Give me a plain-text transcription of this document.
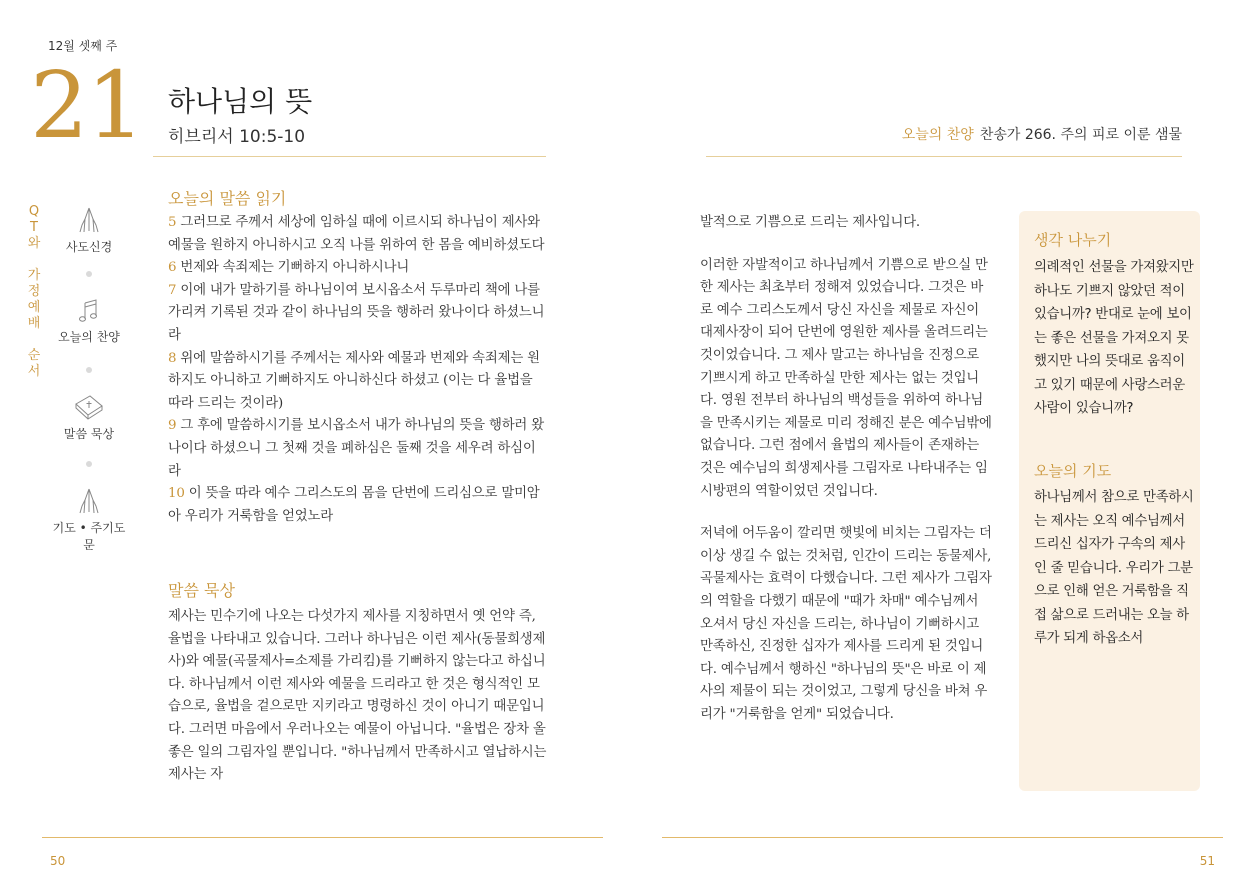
12월 셋째 주
21 하나님의 뜻
히브리서 10:5-10	오늘의 찬양 찬송가 266. 주의 피로 이룬 샘물
Q
T
와
가
정
예
배
순
서
사도신경
오늘의 찬양
말씀 묵상
기도 • 주기도문
오늘의 말씀 읽기
5 그러므로 주께서 세상에 임하실 때에 이르시되 하나님이 제사와 예물을 원하지 아니하시고 오직 나를 위하여 한 몸을 예비하셨도다
6 번제와 속죄제는 기뻐하지 아니하시나니
7 이에 내가 말하기를 하나님이여 보시옵소서 두루마리 책에 나를 가리켜 기록된 것과 같이 하나님의 뜻을 행하러 왔나이다 하셨느니라
8 위에 말씀하시기를 주께서는 제사와 예물과 번제와 속죄제는 원하지도 아니하고 기뻐하지도 아니하신다 하셨고 (이는 다 율법을 따라 드리는 것이라)
9 그 후에 말씀하시기를 보시옵소서 내가 하나님의 뜻을 행하러 왔나이다 하셨으니 그 첫째 것을 폐하심은 둘째 것을 세우려 하심이라
10 이 뜻을 따라 예수 그리스도의 몸을 단번에 드리심으로 말미암아 우리가 거룩함을 얻었노라
말씀 묵상
제사는 민수기에 나오는 다섯가지 제사를 지칭하면서 옛 언약 즉, 율법을 나타내고 있습니다. 그러나 하나님은 이런 제사(동물희생제사)와 예물(곡물제사=소제를 가리킴)를 기뻐하지 않는다고 하십니다. 하나님께서 이런 제사와 예물을 드리라고 한 것은 형식적인 모습으로, 율법을 겉으로만 지키라고 명령하신 것이 아니기 때문입니다. 그러면 마음에서 우러나오는 예물이 아닙니다. "율법은 장차 올 좋은 일의 그림자일 뿐입니다. "하나님께서 만족하시고 열납하시는 제사는 자

발적으로 기쁨으로 드리는 제사입니다.

이러한 자발적이고 하나님께서 기쁨으로 받으실 만한 제사는 최초부터 정해져 있었습니다. 그것은 바로 예수 그리스도께서 당신 자신을 제물로 자신이 대제사장이 되어 단번에 영원한 제사를 올려드리는 것이었습니다. 그 제사 말고는 하나님을 진정으로 기쁘시게 하고 만족하실 만한 제사는 없는 것입니다. 영원 전부터 하나님의 백성들을 위하여 하나님을 만족시키는 제물로 미리 정해진 분은 예수님밖에 없습니다. 그런 점에서 율법의 제사들이 존재하는 것은 예수님의 희생제사를 그림자로 나타내주는 임시방편의 역할이었던 것입니다.

저녁에 어두움이 깔리면 햇빛에 비치는 그림자는 더 이상 생길 수 없는 것처럼, 인간이 드리는 동물제사, 곡물제사는 효력이 다했습니다. 그런 제사가 그림자의 역할을 다했기 때문에 "때가 차매" 예수님께서 오셔서 당신 자신을 드리는, 하나님이 기뻐하시고 만족하신, 진정한 십자가 제사를 드리게 된 것입니다. 예수님께서 행하신 "하나님의 뜻"은 바로 이 제사의 제물이 되는 것이었고, 그렇게 당신을 바쳐 우리가 "거룩함을 얻게" 되었습니다.

생각 나누기
의례적인 선물을 가져왔지만 하나도 기쁘지 않았던 적이 있습니까? 반대로 눈에 보이는 좋은 선물을 가져오지 못했지만 나의 뜻대로 움직이고 있기 때문에 사랑스러운 사람이 있습니까?
오늘의 기도
하나님께서 참으로 만족하시는 제사는 오직 예수님께서 드리신 십자가 구속의 제사인 줄 믿습니다. 우리가 그분으로 인해 얻은 거룩함을 직접 삶으로 드러내는 오늘 하루가 되게 하옵소서
50	51
